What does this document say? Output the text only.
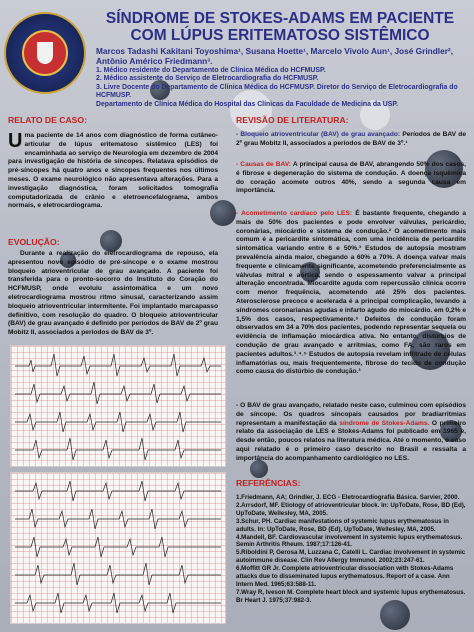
SÍNDROME DE STOKES-ADAMS EM PACIENTE COM LÚPUS ERITEMATOSO SISTÊMICO

Marcos Tadashi Kakitani Toyoshima¹, Susana Hoette¹, Marcelo Vivolo Aun¹, José Grindler², Antônio Américo Friedmann³.

1. Médico residente do Departamento de Clínica Médica do HCFMUSP.

2. Médico assistente do Serviço de Eletrocardiografia do HCFMUSP.

3. Livre Docente do Departamento de Clínica Médica do HCFMUSP. Diretor do Serviço de Eletrocardiografia do HCFMUSP.

Departamento de Clínica Médica do Hospital das Clínicas da Faculdade de Medicina da USP.

RELATO DE CASO:

Uma paciente de 14 anos com diagnóstico de forma cutâneo-articular de lúpus eritematoso sistêmico (LES) foi encaminhada ao serviço de Neurologia em dezembro de 2004 para investigação de história de síncopes. Relatava episódios de pré-síncopes há quatro anos e síncopes frequentes nos últimos meses. O exame neurológico não apresentava alterações. Para a investigação diagnóstica, foram solicitados tomografia computadorizada de crânio e eletroencefalograma, ambos normais, e eletrocardiograma.

EVOLUÇÃO:

Durante a realização do eletrocardiograma de repouso, ela apresentou novo episódio de pré-síncope e o exame mostrou bloqueio atrioventricular de grau avançado. A paciente foi transferida para o pronto-socorro do Instituto do Coração do HCFMUSP, onde evoluiu assintomática e um novo eletrocardiograma mostrou ritmo sinusal, caracterizando assim bloqueio atrioventricular intermitente. Foi implantado marcapasso definitivo, com resolução do quadro. O bloqueio atrioventricular (BAV) de grau avançado é definido por períodos de BAV de 2º grau Mobitz II, associados a períodos de BAV de 3º.

REVISÃO DE LITERATURA:

- Bloqueio atrioventricular (BAV) de grau avançado: Períodos de BAV de 2º grau Mobitz II, associados a períodos de BAV de 3º.¹

- Causas de BAV: A principal causa de BAV, abrangendo 50% dos casos, é fibrose e degeneração do sistema de condução. A doença isquêmica do coração acomete outros 40%, sendo a segunda causa em importância.

- Acometimento cardíaco pelo LES: É bastante frequente, chegando a mais de 50% dos pacientes e pode envolver válvulas, pericárdio, coronárias, miocárdio e sistema de condução.² O acometimento mais comum é a pericardite sintomática, com uma incidência de pericardite sintomática variando entre 6 e 50%.³ Estudos de autopsia mostram prevalência ainda maior, chegando a 60% a 70%. A doença valvar mais frequente e clinicamente significante, acometendo preferencialmente as válvulas mitral e aórtica, sendo o espessamento valvar a principal alteração encontrada. Miocardite aguda com repercussão clínica ocorre com menor frequência, acometendo até 25% dos pacientes. Aterosclerose precoce e acelerada é a principal complicação, levando a síndromes coronarianas agudas e infarto agudo do miocárdio. em 0,2% e 1,5% dos casos, respectivamente.⁵ Defeitos de condução foram observados em 34 a 70% dos pacientes, podendo representar sequela ou evidência de inflamação miocárdica ativa. No entanto, distúrbios de condução de grau avançado e arritmias, como FA, são raros em pacientes adultos.³˒⁴˒⁵ Estudos de autopsia revelam infiltrado de células inflamatórias ou, mais frequentemente, fibrose do tecido de condução como causa do distúrbio de condução.³

- O BAV de grau avançado, relatado neste caso, culminou com episódios de síncope. Os quadros síncopais causados por bradiarritmias representam a manifestação da síndrome de Stokes-Adams. O primeiro relato da associação de LES e Stokes-Adams foi publicado em 1965 e, desde então, poucos relatos na literatura médica. Até o momento, o caso aqui relatado é o primeiro caso descrito no Brasil e ressalta a importância do acompanhamento cardiológico no LES.

REFERÊNCIAS:
1.Friedmann, AA; Grindler, J. ECG - Eletrocardiografia Básica. Sarvier, 2000.
2.Arrsdorf, MF. Etiology of atrioventricular block. In: UpToDate, Rose, BD (Ed), UpToDate, Wellesley, MA, 2005.
3.Schur, PH. Cardiac manifestations of systemic lupus erythematosus in adults. In: UpToDate, Rose, BD (Ed), UpToDate, Wellesley, MA, 2005.
4.Mandell, BF. Cardiovascular involvement in systemic lupus erythematosus. Semin Arthritis Rheum. 1987;17:126-41.
5.Riboldini P, Gerosa M, Luzzana C, Catelli L. Cardiac involvement in systemic autoimmune disease. Clin Rev Allergy Immunol. 2002;23:247-61.
6.Moffitt GR Jr. Complete atrioventricular dissociation with Stokes-Adams attacks due to disseminated lupus erythematosus. Report of a case. Ann Intern Med. 1965;63:588-11.
7.Wray R, Iveson M. Complete heart block and systemic lupus erythematosus. Br Heart J. 1975;37:982-3.
